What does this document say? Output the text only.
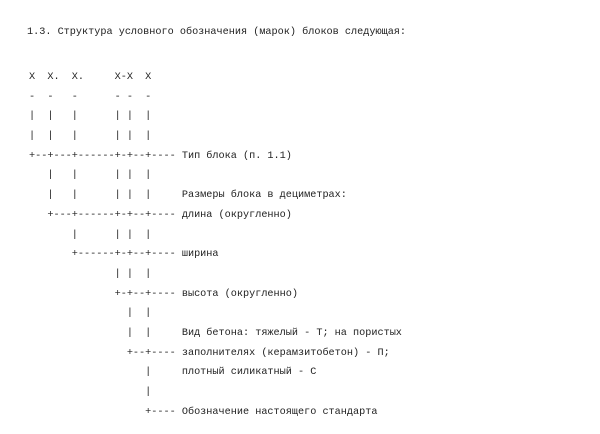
1.3. Структура условного обозначения (марок) блоков следующая:
X  X.  X.     X-X  X
-  -   -      - -  -
|  |   |      | |  |
|  |   |      | |  |
+--+---+------+-+--+---- Тип блока (п. 1.1)
|   |      | |  |
|   |      | |  |     Размеры блока в дециметрах:
+---+------+-+--+---- длина (округленно)
|      | |  |
+------+-+--+---- ширина
| |  |
+-+--+---- высота (округленно)
|  |
|  |     Вид бетона: тяжелый - Т; на пористых
+--+---- заполнителях (керамзитобетон) - П;
|     плотный силикатный - С
|
+---- Обозначение настоящего стандарта
